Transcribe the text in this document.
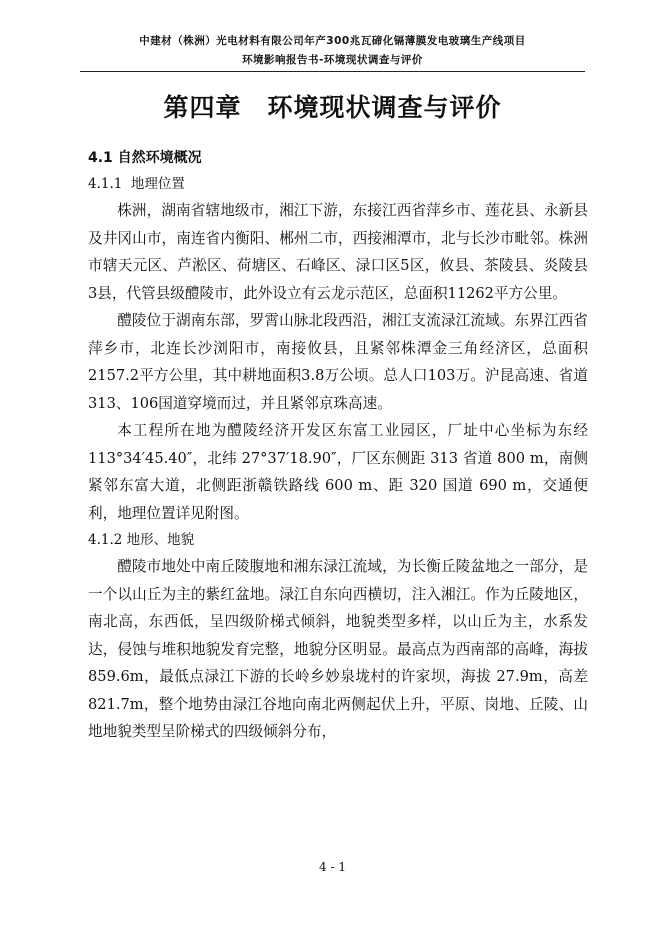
中建材（株洲）光电材料有限公司年产300兆瓦碲化镉薄膜发电玻璃生产线项目
环境影响报告书-环境现状调查与评价
第四章　环境现状调查与评价

4.1 自然环境概况

4.1.1  地理位置

株洲，湖南省辖地级市，湘江下游，东接江西省萍乡市、莲花县、永新县及井冈山市，南连省内衡阳、郴州二市，西接湘潭市，北与长沙市毗邻。株洲市辖天元区、芦淞区、荷塘区、石峰区、渌口区5区，攸县、茶陵县、炎陵县3县，代管县级醴陵市，此外设立有云龙示范区，总面积11262平方公里。

醴陵位于湖南东部，罗霄山脉北段西沿，湘江支流渌江流域。东界江西省萍乡市，北连长沙浏阳市，南接攸县，且紧邻株潭金三角经济区，总面积2157.2平方公里，其中耕地面积3.8万公顷。总人口103万。沪昆高速、省道313、106国道穿境而过，并且紧邻京珠高速。

本工程所在地为醴陵经济开发区东富工业园区，厂址中心坐标为东经 113°34′45.40″，北纬 27°37′18.90″，厂区东侧距 313 省道 800 m，南侧紧邻东富大道，北侧距浙赣铁路线 600 m、距 320 国道 690 m，交通便利，地理位置详见附图。

4.1.2 地形、地貌

醴陵市地处中南丘陵腹地和湘东渌江流域，为长衡丘陵盆地之一部分，是一个以山丘为主的紫红盆地。渌江自东向西横切，注入湘江。作为丘陵地区，南北高，东西低，呈四级阶梯式倾斜，地貌类型多样，以山丘为主，水系发达，侵蚀与堆积地貌发育完整，地貌分区明显。最高点为西南部的高峰，海拔 859.6m，最低点渌江下游的长岭乡妙泉垅村的许家坝，海拔 27.9m，高差 821.7m，整个地势由渌江谷地向南北两侧起伏上升，平原、岗地、丘陵、山地地貌类型呈阶梯式的四级倾斜分布，

4 - 1
